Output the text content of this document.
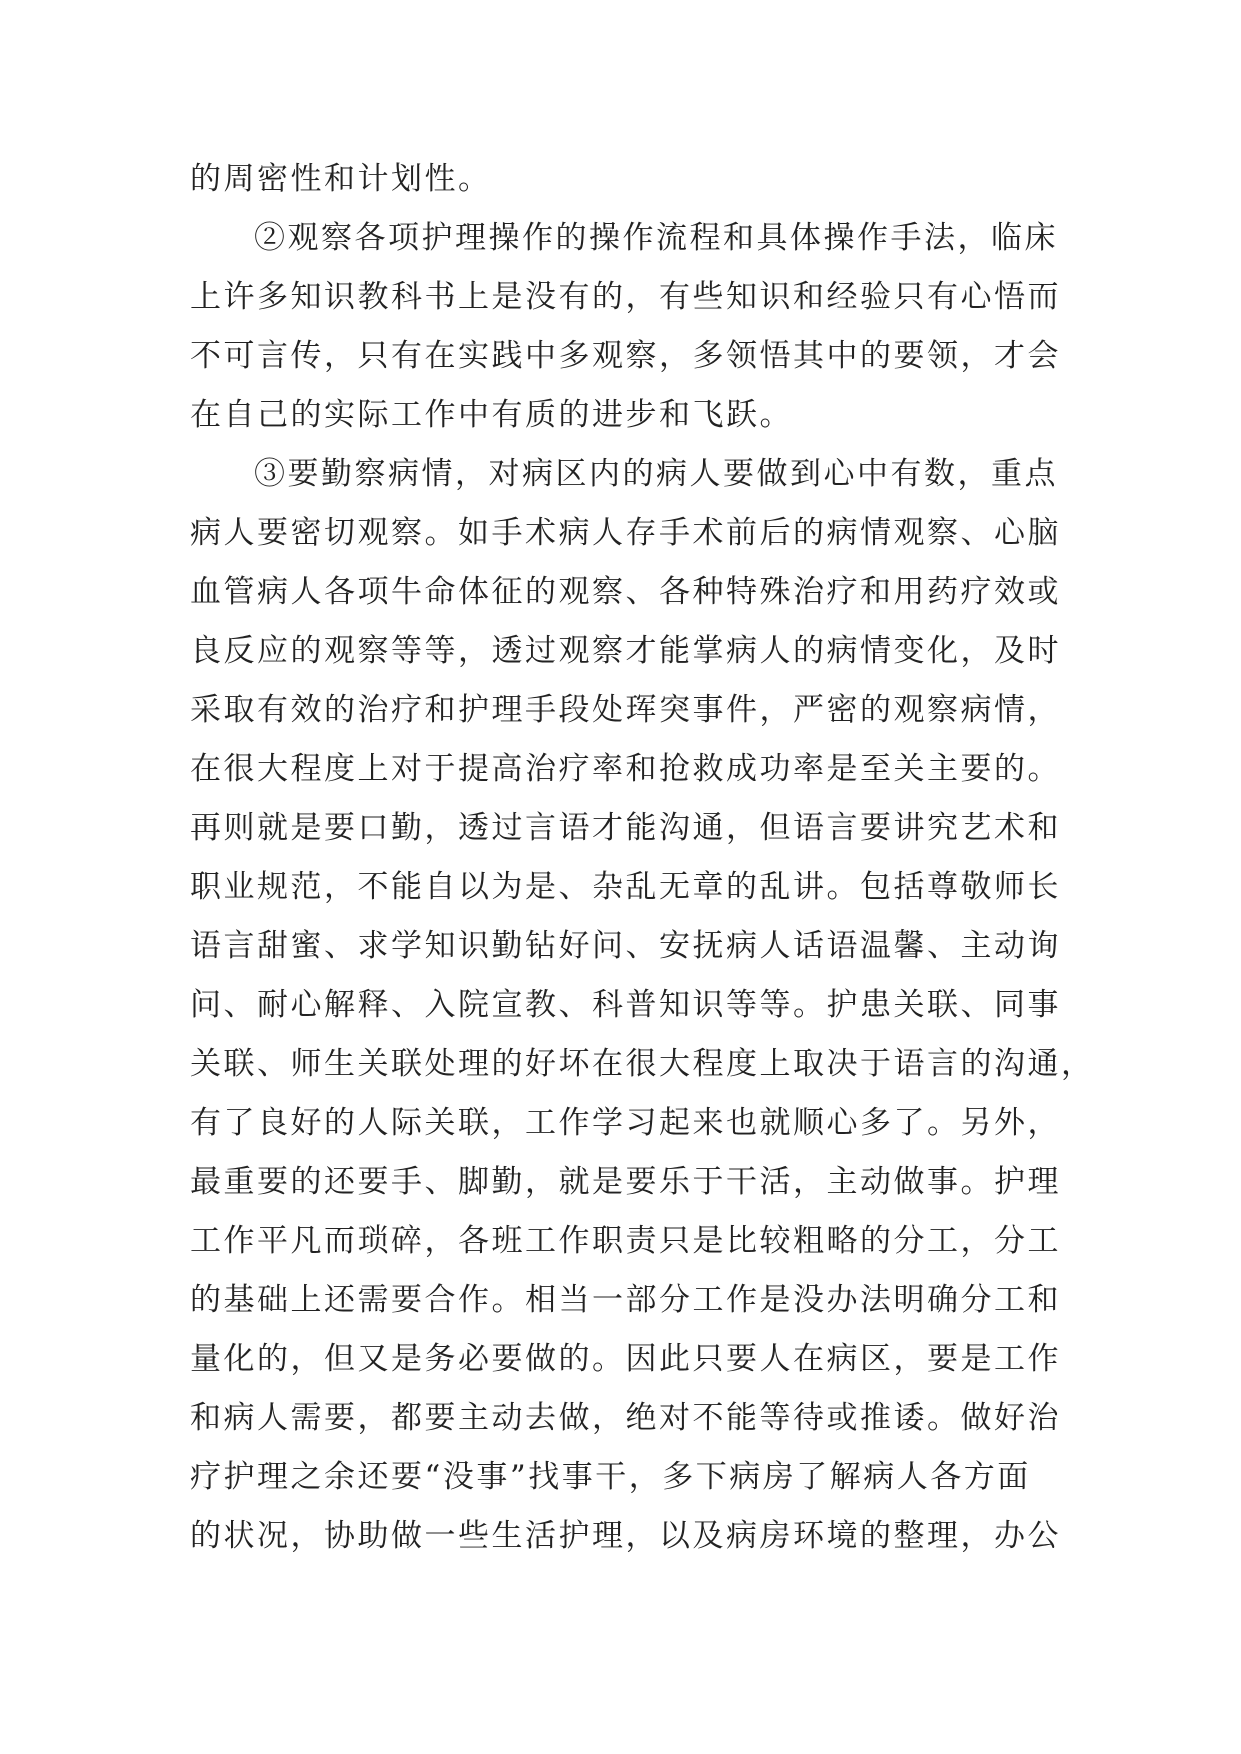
的周密性和计划性。
②观察各项护理操作的操作流程和具体操作手法，临床
上许多知识教科书上是没有的，有些知识和经验只有心悟而
不可言传，只有在实践中多观察，多领悟其中的要领，才会
在自己的实际工作中有质的进步和飞跃。
③要勤察病情，对病区内的病人要做到心中有数，重点
病人要密切观察。如手术病人存手术前后的病情观察、心脑
血管病人各项牛命体征的观察、各种特殊治疗和用药疗效或
良反应的观察等等，透过观察才能掌病人的病情变化，及时
采取有效的治疗和护理手段处珲突事件，严密的观察病情，
在很大程度上对于提高治疗率和抢救成功率是至关主要的。
再则就是要口勤，透过言语才能沟通，但语言要讲究艺术和
职业规范，不能自以为是、杂乱无章的乱讲。包括尊敬师长
语言甜蜜、求学知识勤钻好问、安抚病人话语温馨、主动询
问、耐心解释、入院宣教、科普知识等等。护患关联、同事
关联、师生关联处理的好坏在很大程度上取决于语言的沟通，
有了良好的人际关联，工作学习起来也就顺心多了。另外，
最重要的还要手、脚勤，就是要乐于干活，主动做事。护理
工作平凡而琐碎，各班工作职责只是比较粗略的分工，分工
的基础上还需要合作。相当一部分工作是没办法明确分工和
量化的，但又是务必要做的。因此只要人在病区，要是工作
和病人需要，都要主动去做，绝对不能等待或推诿。做好治
疗护理之余还要“没事”找事干，多下病房了解病人各方面
的状况，协助做一些生活护理，以及病房环境的整理，办公
